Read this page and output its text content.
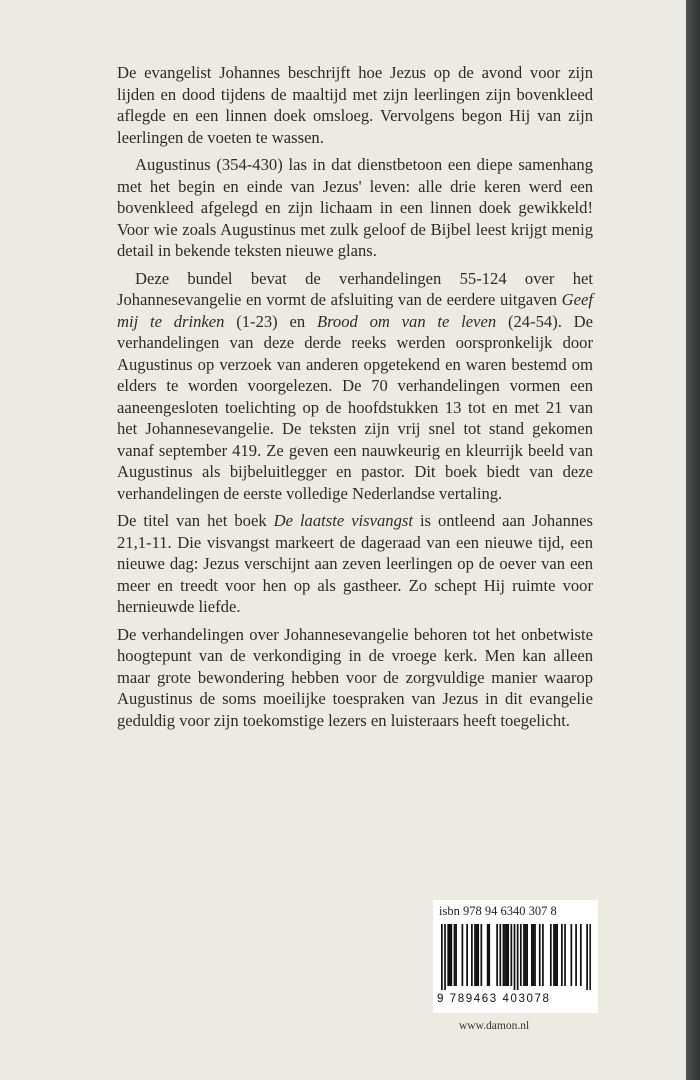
De evangelist Johannes beschrijft hoe Jezus op de avond voor zijn lijden en dood tijdens de maaltijd met zijn leerlingen zijn bovenkleed aflegde en een linnen doek omsloeg. Vervolgens begon Hij van zijn leerlingen de voeten te wassen.

Augustinus (354-430) las in dat dienstbetoon een diepe samenhang met het begin en einde van Jezus' leven: alle drie keren werd een bovenkleed afgelegd en zijn lichaam in een linnen doek gewikkeld! Voor wie zoals Augustinus met zulk geloof de Bijbel leest krijgt menig detail in bekende teksten nieuwe glans.

Deze bundel bevat de verhandelingen 55-124 over het Johannesevangelie en vormt de afsluiting van de eerdere uitgaven Geef mij te drinken (1-23) en Brood om van te leven (24-54). De verhandelingen van deze derde reeks werden oorspronkelijk door Augustinus op verzoek van anderen opgetekend en waren bestemd om elders te worden voorgelezen. De 70 verhandelingen vormen een aaneengesloten toelichting op de hoofdstukken 13 tot en met 21 van het Johannesevangelie. De teksten zijn vrij snel tot stand gekomen vanaf september 419. Ze geven een nauwkeurig en kleurrijk beeld van Augustinus als bijbeluitlegger en pastor. Dit boek biedt van deze verhandelingen de eerste volledige Nederlandse vertaling.

De titel van het boek De laatste visvangst is ontleend aan Johannes 21,1-11. Die visvangst markeert de dageraad van een nieuwe tijd, een nieuwe dag: Jezus verschijnt aan zeven leerlingen op de oever van een meer en treedt voor hen op als gastheer. Zo schept Hij ruimte voor hernieuwde liefde.

De verhandelingen over Johannesevangelie behoren tot het onbetwiste hoogtepunt van de verkondiging in de vroege kerk. Men kan alleen maar grote bewondering hebben voor de zorgvuldige manier waarop Augustinus de soms moeilijke toespraken van Jezus in dit evangelie geduldig voor zijn toekomstige lezers en luisteraars heeft toegelicht.

isbn 978 94 6340 307 8
9 789463 403078
www.damon.nl
